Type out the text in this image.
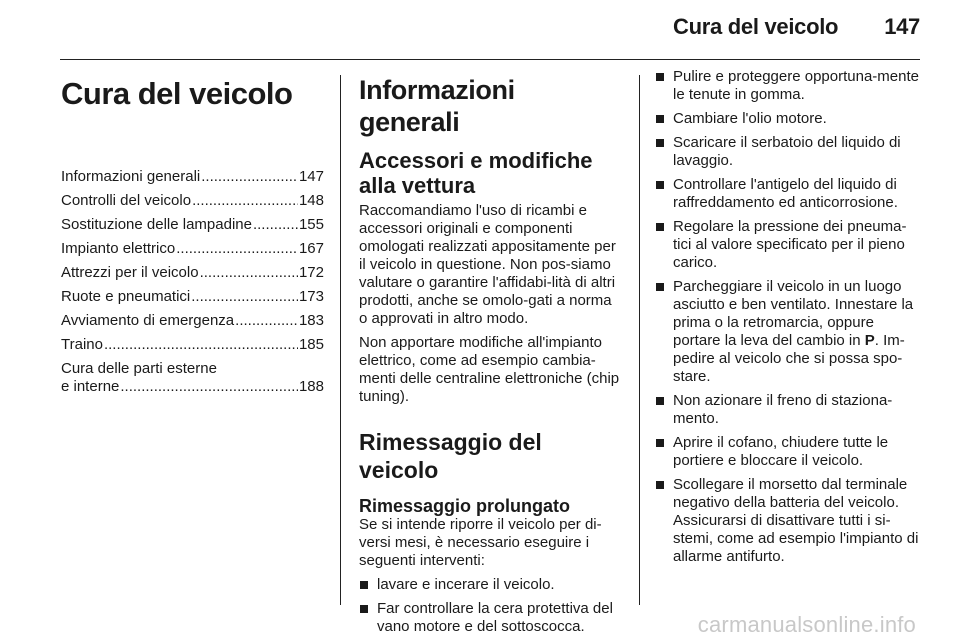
Cura del veicolo 147
Cura del veicolo
Informazioni generali .....	147
Controlli del veicolo .....	148
Sostituzione delle lampadine .....	155
Impianto elettrico .....	167
Attrezzi per il veicolo .....	172
Ruote e pneumatici .....	173
Avviamento di emergenza .....	183
Traino .....	185
Cura delle parti esterne
e interne .....	188
Informazioni generali
Accessori e modifiche alla vettura

Raccomandiamo l'uso di ricambi e accessori originali e componenti omologati realizzati appositamente per il veicolo in questione. Non pos-siamo valutare o garantire l'affidabi-lità di altri prodotti, anche se omolo-gati a norma o approvati in altro modo.

Non apportare modifiche all'impianto elettrico, come ad esempio cambia-menti delle centraline elettroniche (chip tuning).

Rimessaggio del veicolo
Rimessaggio prolungato

Se si intende riporre il veicolo per di-versi mesi, è necessario eseguire i seguenti interventi:

lavare e incerare il veicolo.
Far controllare la cera protettiva del vano motore e del sottoscocca.
Pulire e proteggere opportuna-mente le tenute in gomma.
Cambiare l'olio motore.
Scaricare il serbatoio del liquido di lavaggio.
Controllare l'antigelo del liquido di raffreddamento ed anticorrosione.
Regolare la pressione dei pneuma-tici al valore specificato per il pieno carico.
Parcheggiare il veicolo in un luogo asciutto e ben ventilato. Innestare la prima o la retromarcia, oppure portare la leva del cambio in P. Im-pedire al veicolo che si possa spo-stare.
Non azionare il freno di staziona-mento.
Aprire il cofano, chiudere tutte le portiere e bloccare il veicolo.
Scollegare il morsetto dal terminale negativo della batteria del veicolo. Assicurarsi di disattivare tutti i si-stemi, come ad esempio l'impianto di allarme antifurto.
carmanualsonline.info
